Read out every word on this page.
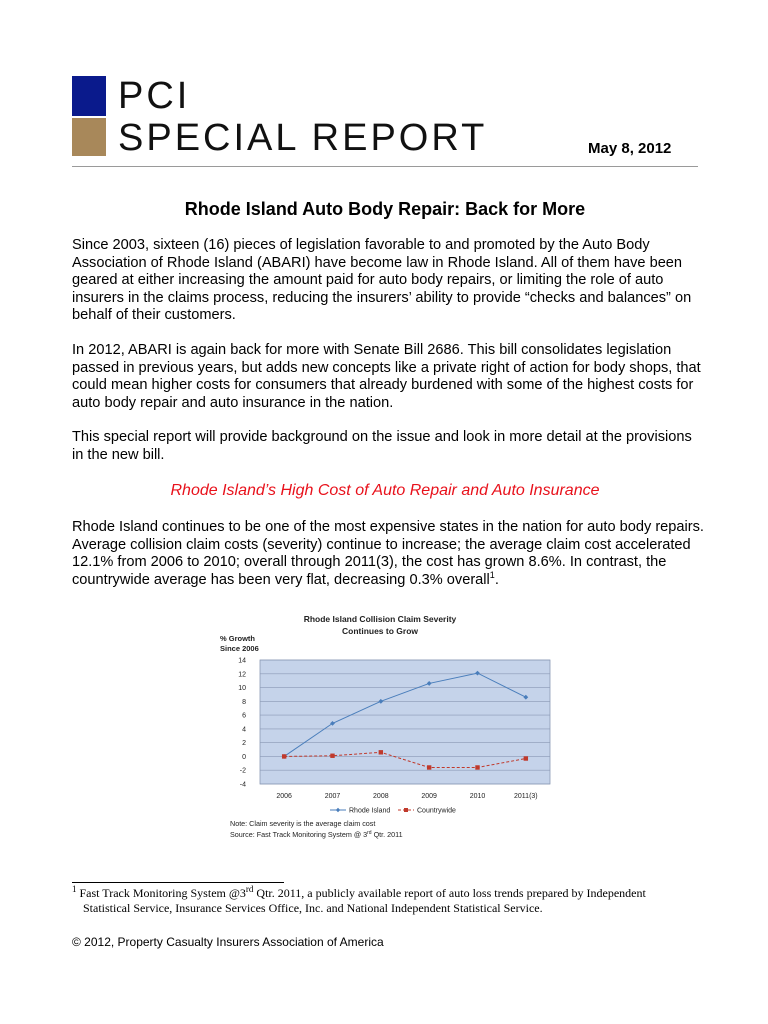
PCI
SPECIAL REPORT	May 8, 2012
Rhode Island Auto Body Repair: Back for More
Since 2003, sixteen (16) pieces of legislation favorable to and promoted by the Auto Body Association of Rhode Island (ABARI) have become law in Rhode Island. All of them have been geared at either increasing the amount paid for auto body repairs, or limiting the role of auto insurers in the claims process, reducing the insurers’ ability to provide “checks and balances” on behalf of their customers.
In 2012, ABARI is again back for more with Senate Bill 2686. This bill consolidates legislation passed in previous years, but adds new concepts like a private right of action for body shops, that could mean higher costs for consumers that already burdened with some of the highest costs for auto body repair and auto insurance in the nation.
This special report will provide background on the issue and look in more detail at the provisions in the new bill.
Rhode Island’s High Cost of Auto Repair and Auto Insurance
Rhode Island continues to be one of the most expensive states in the nation for auto body repairs. Average collision claim costs (severity) continue to increase; the average claim cost accelerated 12.1% from 2006 to 2010; overall through 2011(3), the cost has grown 8.6%. In contrast, the countrywide average has been very flat, decreasing 0.3% overall$^1$.
Rhode Island Collision Claim Severity
Continues to Grow
% Growth
Since 2006
14
12
10
8
6
4
2
0
-2
-4
2006	2007	2008	2009	2010	2011(3)
Rhode Island	Countrywide
Note: Claim severity is the average claim cost
Source: Fast Track Monitoring System @ 3rd Qtr. 2011
$^1$ Fast Track Monitoring System @3rd Qtr. 2011, a publicly available report of auto loss trends prepared by Independent
Statistical Service, Insurance Services Office, Inc. and National Independent Statistical Service.
© 2012, Property Casualty Insurers Association of America
